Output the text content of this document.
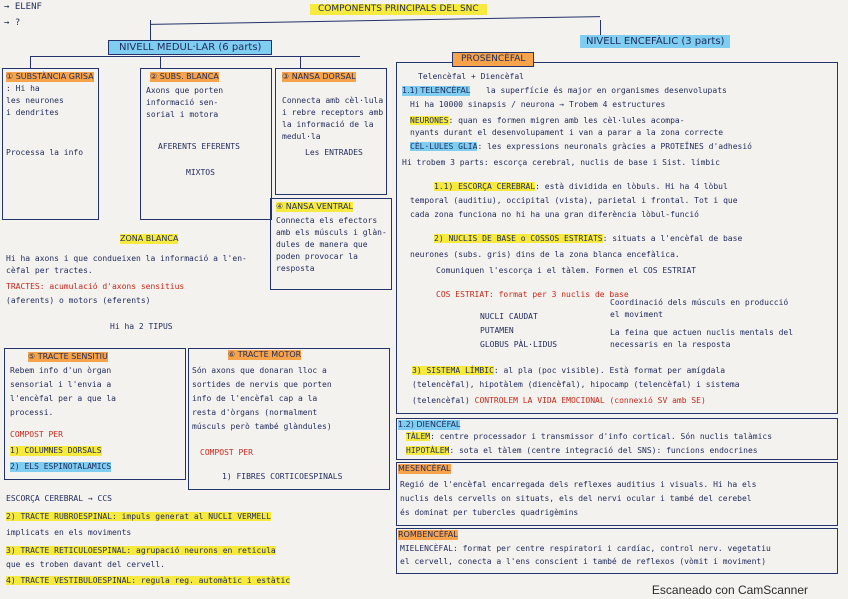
→ ELENF
→ ?
COMPONENTS PRINCIPALS DEL SNC
NIVELL MEDUL·LAR (6 parts)
NIVELL ENCEFÀLIC (3 parts)
① SUBSTÀNCIA GRISA
: Hi ha
les neurones
i dendrites
Processa la info
② SUBS. BLANCA
Axons que porten
informació sen-
sorial i motora
AFERENTS EFERENTS
MIXTOS
③ NANSA DORSAL
Connecta amb cèl·lula
i rebre receptors amb
la informació de la
medul·la
Les ENTRADES
④ NANSA VENTRAL
Connecta els efectors
amb els músculs i glàn-
dules de manera que
poden provocar la
resposta
ZONA BLANCA
Hi ha axons i que condueixen la informació a l'en-
cèfal per tractes.
TRACTES: acumulació d'axons sensitius
(aferents) o motors (eferents)
Hi ha 2 TIPUS
⑤ TRACTE SENSITIU
Rebem info d'un òrgan
sensorial i l'envia a
l'encèfal per a que la
processi.
COMPOST PER
1) COLUMNES DORSALS
2) ELS ESPINOTALAMICS
⑥ TRACTE MOTOR
Són axons que donaran lloc a
sortides de nervis que porten
info de l'encèfal cap a la
resta d'òrgans (normalment
músculs però també glàndules)
COMPOST PER
1) FIBRES CORTICOESPINALS
ESCORÇA CEREBRAL → CCS
2) TRACTE RUBROESPINAL: impuls generat al NUCLI VERMELL
implicats en els moviments
3) TRACTE RETICULOESPINAL: agrupació neurons en reticula
que es troben davant del cervell.
4) TRACTE VESTIBULOESPINAL: regula reg. automàtic i estàtic
PROSENCÈFAL
Telencèfal + Diencèfal
1.1) TELENCÈFAL la superfície és major en organismes desenvolupats
Hi ha 10000 sinapsis / neurona → Trobem 4 estructures
NEURONES: quan es formen migren amb les cèl·lules acompa-
nyants durant el desenvolupament i van a parar a la zona correcte
CÈL·LULES GLIA: les expressions neuronals gràcies a PROTEÏNES d'adhesió
Hi trobem 3 parts: escorça cerebral, nuclis de base i Sist. límbic
1.1) ESCORÇA CEREBRAL: està dividida en lòbuls. Hi ha 4 lòbul
temporal (auditiu), occipital (vista), parietal i frontal. Tot i que
cada zona funciona no hi ha una gran diferència lòbul-funció
2) NUCLIS DE BASE o COSSOS ESTRIATS: situats a l'encèfal de base
neurones (subs. gris) dins de la zona blanca encefàlica.
Comuniquen l'escorça i el tàlem. Formen el COS ESTRIAT
COS ESTRIAT: format per 3 nuclis de base
NUCLI CAUDAT
PUTAMEN
GLOBUS PÀL·LIDUS
Coordinació dels músculs en producció
el moviment
La feina que actuen nuclis mentals del
necessaris en la resposta
3) SISTEMA LÍMBIC: al pla (poc visible). Està format per amígdala
(telencèfal), hipotàlem (diencèfal), hipocamp (telencèfal) i sistema
(telencèfal) CONTROLEM LA VIDA EMOCIONAL (connexió SV amb SE)
1.2) DIENCÈFAL
TÀLEM: centre processador i transmissor d'info cortical. Són nuclis talàmics
HIPOTÀLEM: sota el tàlem (centre integració del SNS): funcions endocrines
MESENCÈFAL
Regió de l'encèfal encarregada dels reflexes auditius i visuals. Hi ha els
nuclis dels cervells on situats, els del nervi ocular i també del cerebel
és dominat per tubercles quadrigèmins
ROMBENCÈFAL
MIELENCÈFAL: format per centre respiratori i cardíac, control nerv. vegetatiu
el cervell, conecta a l'ens conscient i també de reflexos (vòmit i moviment)
Escaneado con CamScanner
